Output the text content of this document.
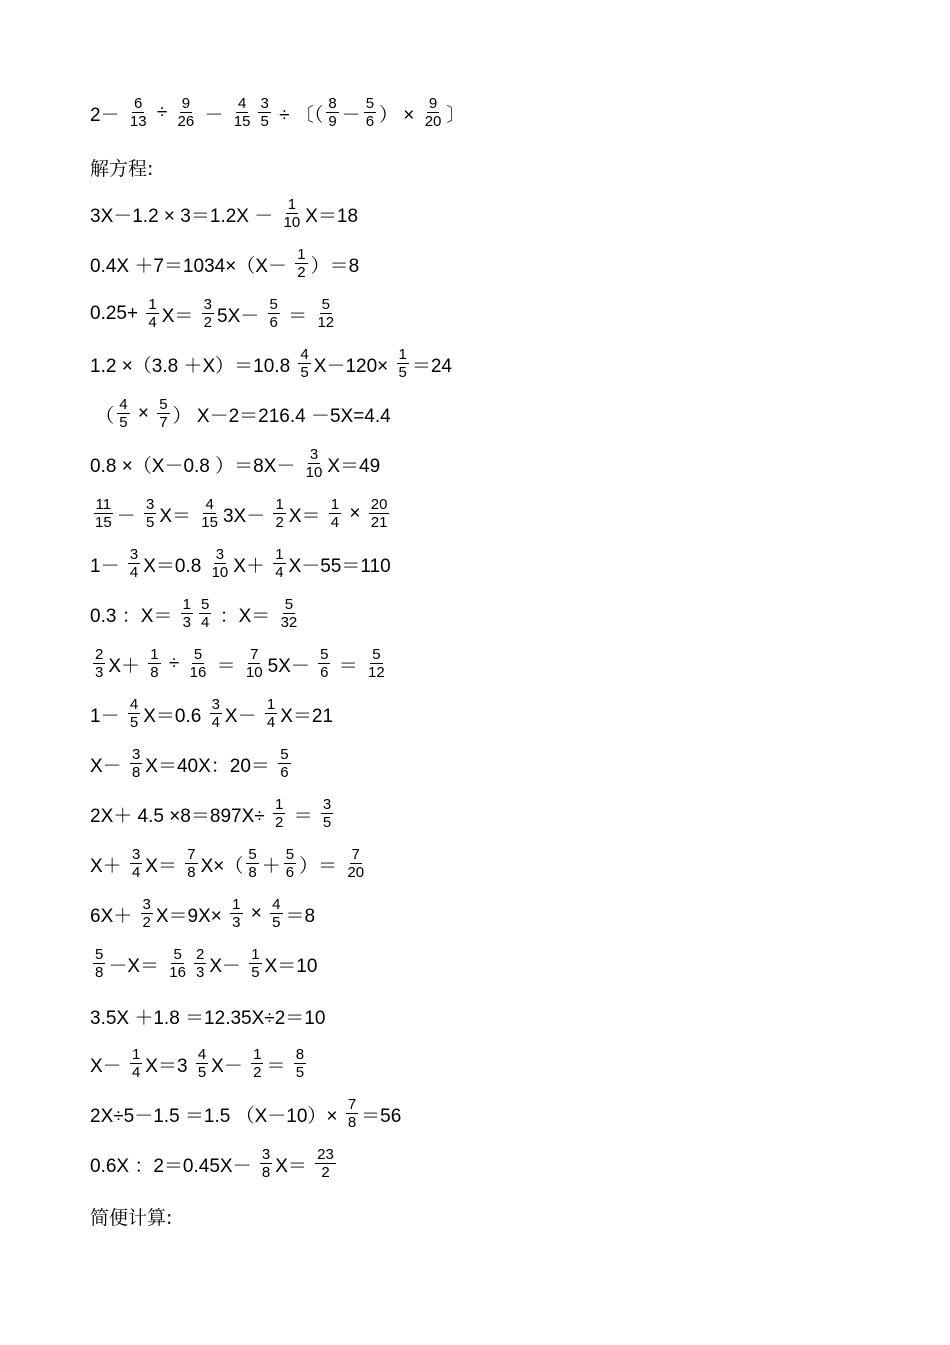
$2- \frac{6}{13} \div \frac{9}{26} - \frac{4}{15} \frac{3}{5}$ ÷ 〔（ $\frac{8}{9} - \frac{5}{6}$ ） × $\frac{9}{20}$ 〕
解方程:
$3X-1.2 \times 3=1.2X - \frac{1}{10} X=18$
$0.4X +7=1034\times(X- \frac{1}{2} )=8$
$0.25+ \frac{1}{4} X= \frac{3}{2} 5X- \frac{5}{6} = \frac{5}{12}$
$1.2 \times(3.8 +X)=10.8 \frac{4}{5} X-120\times \frac{1}{5} =24$
（ $\frac{4}{5} \times \frac{5}{7}$ ） X－2＝216.4 －5X=4.4
0.8 ×（X－0.8 ）$=8X- \frac{3}{10} X=49$
$\frac{11}{15} - \frac{3}{5} X= \frac{4}{15} 3X- \frac{1}{2} X= \frac{1}{4} \times \frac{20}{21}$
$1- \frac{3}{4} X=0.8 \frac{3}{10} X+ \frac{1}{4} X-55=110$
0.3 ：$X= \frac{1}{3} \frac{5}{4}$ ：$X= \frac{5}{32}$
$\frac{2}{3} X+ \frac{1}{8} \div \frac{5}{16} = \frac{7}{10} 5X- \frac{5}{6} = \frac{5}{12}$
$1- \frac{4}{5} X=0.6 \frac{3}{4} X- \frac{1}{4} X=21$
$X- \frac{3}{8} X=40X$：$20= \frac{5}{6}$
$2X+ 4.5 \times 8=897X\div \frac{1}{2} = \frac{3}{5}$
$X+ \frac{3}{4} X= \frac{7}{8} X\times( \frac{5}{8} + \frac{5}{6}$ ）＝ $\frac{7}{20}$
$6X+ \frac{3}{2} X=9X\times \frac{1}{3} \times \frac{4}{5} =8$
$\frac{5}{8} -X= \frac{5}{16} \frac{2}{3} X- \frac{1}{5} X=10$
3.5X ＋1.8 ＝12.35X÷2＝10
$X- \frac{1}{4} X=3 \frac{4}{5} X- \frac{1}{2} = \frac{8}{5}$
2X÷5－1.5 ＝1.5 $(X-10)\times \frac{7}{8} =56$
0.6X ：$2=0.45X- \frac{3}{8} X= \frac{23}{2}$
简便计算:
